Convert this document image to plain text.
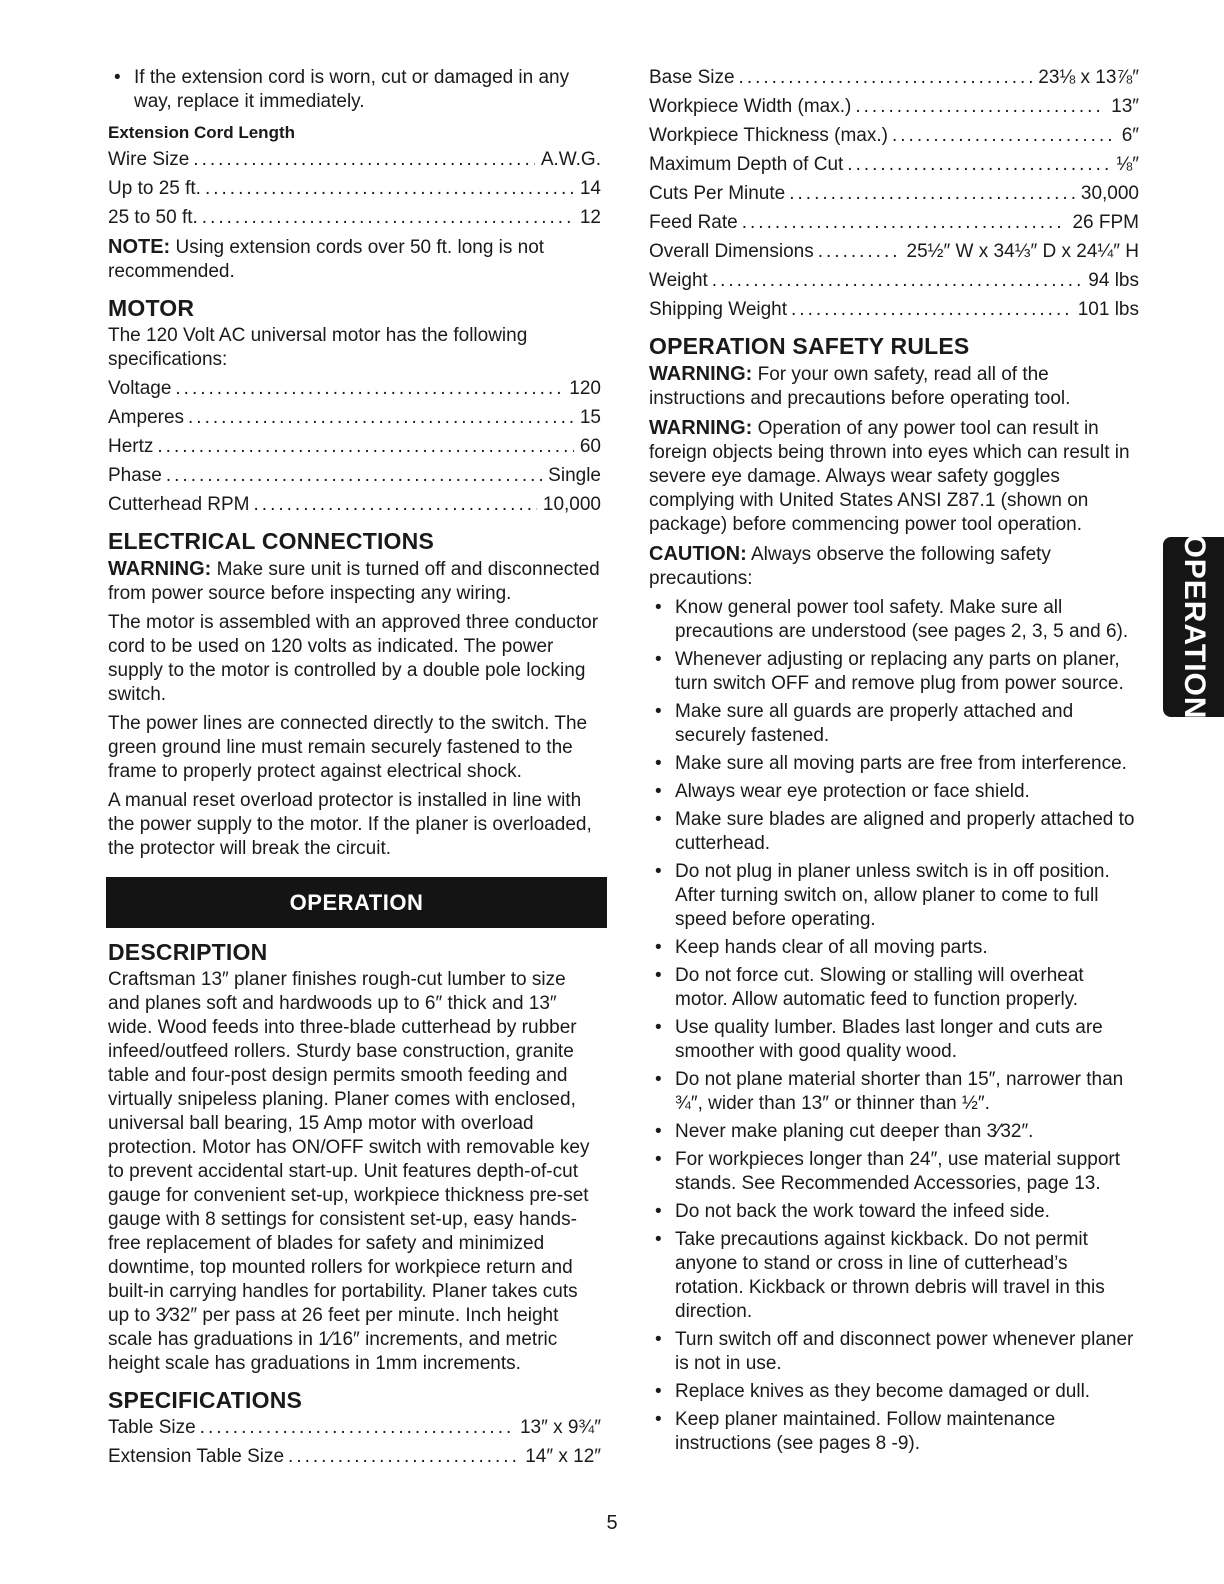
• If the extension cord is worn, cut or damaged in any way, replace it immediately.
Extension Cord Length
Wire Size .....	A.W.G.
Up to 25 ft. .....	14
25 to 50 ft. .....	12

NOTE: Using extension cords over 50 ft. long is not recommended.

MOTOR

The 120 Volt AC universal motor has the following specifications:

Voltage .....	120
Amperes .....	15
Hertz .....	60
Phase .....	Single
Cutterhead RPM .....	10,000
ELECTRICAL CONNECTIONS

WARNING: Make sure unit is turned off and disconnected from power source before inspecting any wiring.

The motor is assembled with an approved three conductor cord to be used on 120 volts as indicated. The power supply to the motor is controlled by a double pole locking switch.

The power lines are connected directly to the switch. The green ground line must remain securely fastened to the frame to properly protect against electrical shock.

A manual reset overload protector is installed in line with the power supply to the motor. If the planer is overloaded, the protector will break the circuit.

OPERATION
DESCRIPTION

Craftsman 13″ planer finishes rough-cut lumber to size and planes soft and hardwoods up to 6″ thick and 13″ wide. Wood feeds into three-blade cutterhead by rubber infeed/outfeed rollers. Sturdy base construction, granite table and four-post design permits smooth feeding and virtually snipeless planing. Planer comes with enclosed, universal ball bearing, 15 Amp motor with overload protection. Motor has ON/OFF switch with removable key to prevent accidental start-up. Unit features depth-of-cut gauge for convenient set-up, workpiece thickness pre-set gauge with 8 settings for consistent set-up, easy hands-free replacement of blades for safety and minimized downtime, top mounted rollers for workpiece return and built-in carrying handles for portability. Planer takes cuts up to 3⁄32″ per pass at 26 feet per minute. Inch height scale has graduations in 1⁄16″ increments, and metric height scale has graduations in 1mm increments.

SPECIFICATIONS
Table Size .....	13″ x 9¾″
Extension Table Size .....	14″ x 12″
Base Size .....	23⅛ x 13⅞″
Workpiece Width (max.) .....	13″
Workpiece Thickness (max.) .....	6″
Maximum Depth of Cut .....	⅛″
Cuts Per Minute .....	30,000
Feed Rate .....	26 FPM
Overall Dimensions .....	25½″ W x 34⅓″ D x 24¼″ H
Weight .....	94 lbs
Shipping Weight .....	101 lbs
OPERATION SAFETY RULES

WARNING: For your own safety, read all of the instructions and precautions before operating tool.

WARNING: Operation of any power tool can result in foreign objects being thrown into eyes which can result in severe eye damage. Always wear safety goggles complying with United States ANSI Z87.1 (shown on package) before commencing power tool operation.

CAUTION: Always observe the following safety precautions:

• Know general power tool safety. Make sure all precautions are understood (see pages 2, 3, 5 and 6).
• Whenever adjusting or replacing any parts on planer, turn switch OFF and remove plug from power source.
• Make sure all guards are properly attached and securely fastened.
• Make sure all moving parts are free from interference.
• Always wear eye protection or face shield.
• Make sure blades are aligned and properly attached to cutterhead.
• Do not plug in planer unless switch is in off position. After turning switch on, allow planer to come to full speed before operating.
• Keep hands clear of all moving parts.
• Do not force cut. Slowing or stalling will overheat motor. Allow automatic feed to function properly.
• Use quality lumber. Blades last longer and cuts are smoother with good quality wood.
• Do not plane material shorter than 15″, narrower than ¾″, wider than 13″ or thinner than ½″.
• Never make planing cut deeper than 3⁄32″.
• For workpieces longer than 24″, use material support stands. See Recommended Accessories, page 13.
• Do not back the work toward the infeed side.
• Take precautions against kickback. Do not permit anyone to stand or cross in line of cutterhead’s rotation. Kickback or thrown debris will travel in this direction.
• Turn switch off and disconnect power whenever planer is not in use.
• Replace knives as they become damaged or dull.
• Keep planer maintained. Follow maintenance instructions (see pages 8 -9).
OPERATION
5
